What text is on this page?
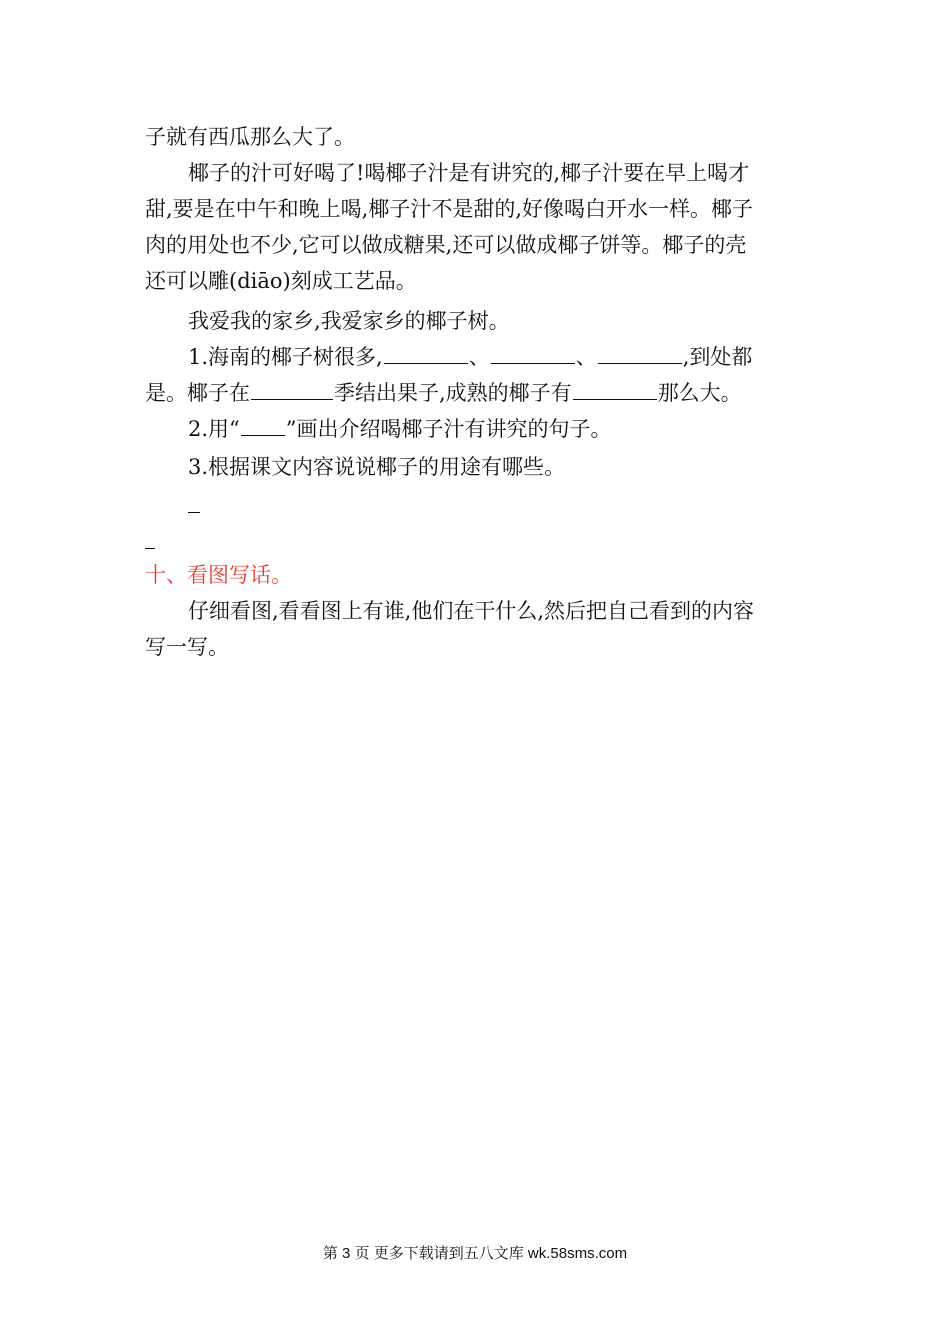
子就有西瓜那么大了。
椰子的汁可好喝了!喝椰子汁是有讲究的,椰子汁要在早上喝才
甜,要是在中午和晚上喝,椰子汁不是甜的,好像喝白开水一样。椰子
肉的用处也不少,它可以做成糖果,还可以做成椰子饼等。椰子的壳
还可以雕(diāo)刻成工艺品。
我爱我的家乡,我爱家乡的椰子树。
1.海南的椰子树很多,	、	、	,到处都
是。椰子在	季结出果子,成熟的椰子有	那么大。
2.用“ ”画出介绍喝椰子汁有讲究的句子。
3.根据课文内容说说椰子的用途有哪些。
十、看图写话。
仔细看图,看看图上有谁,他们在干什么,然后把自己看到的内容
写一写。
第 3 页 更多下载请到五八文库 wk.58sms.com
